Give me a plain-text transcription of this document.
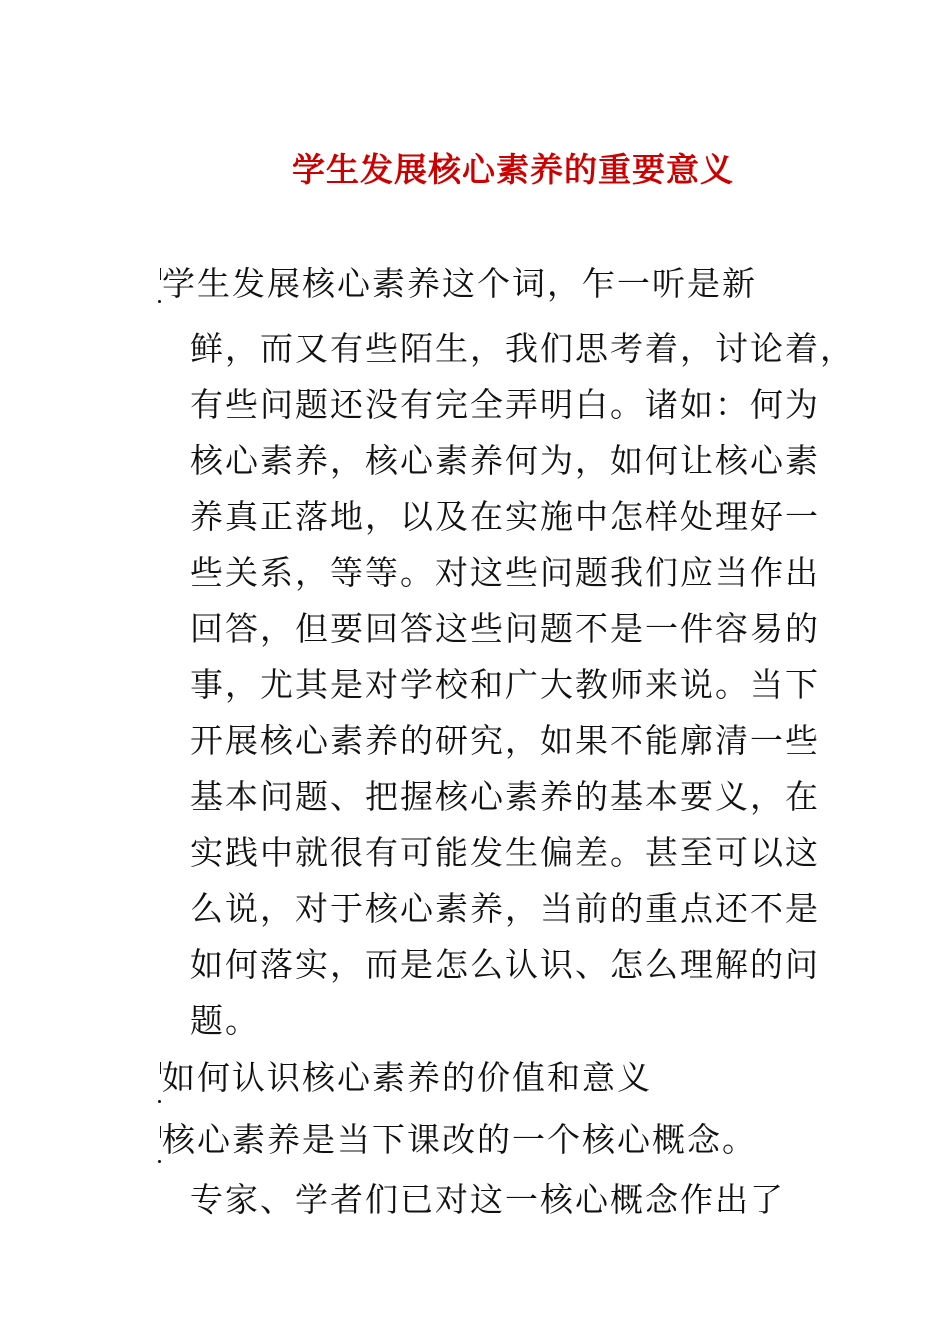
学生发展核心素养的重要意义
学生发展核心素养这个词，乍一听是新
鲜，而又有些陌生，我们思考着，讨论着，
有些问题还没有完全弄明白。诸如：何为
核心素养，核心素养何为，如何让核心素
养真正落地，以及在实施中怎样处理好一
些关系，等等。对这些问题我们应当作出
回答，但要回答这些问题不是一件容易的
事，尤其是对学校和广大教师来说。当下
开展核心素养的研究，如果不能廓清一些
基本问题、把握核心素养的基本要义，在
实践中就很有可能发生偏差。甚至可以这
么说，对于核心素养，当前的重点还不是
如何落实，而是怎么认识、怎么理解的问
题。
如何认识核心素养的价值和意义
核心素养是当下课改的一个核心概念。
专家、学者们已对这一核心概念作出了
